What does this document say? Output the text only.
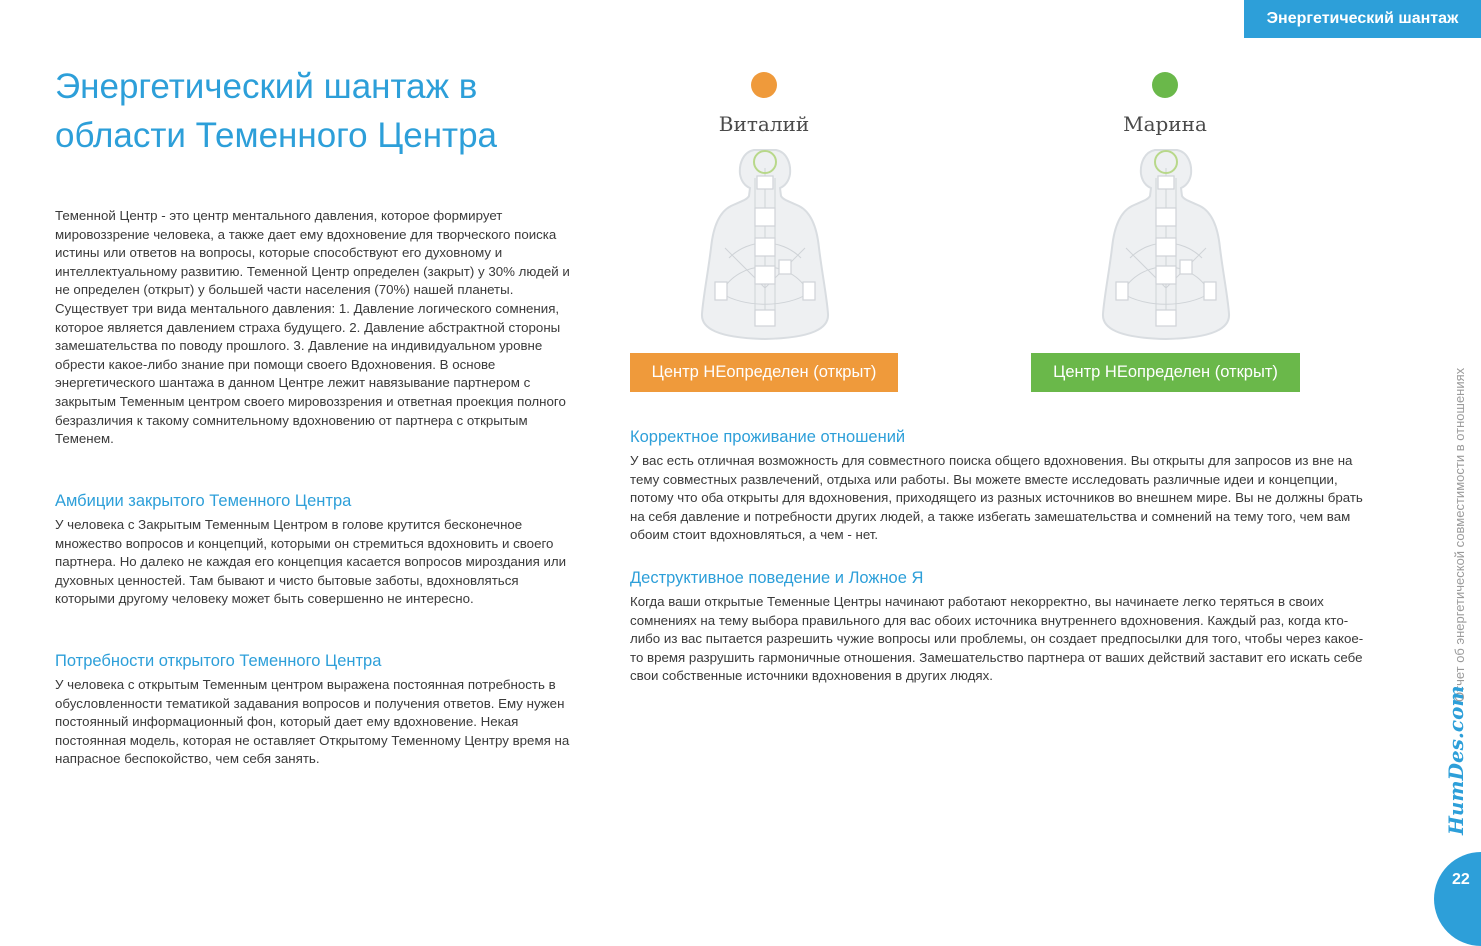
Энергетический шантаж
Энергетический шантаж в области Теменного Центра

Теменной Центр - это центр ментального давления, которое формирует мировоззрение человека, а также дает ему вдохновение для творческого поиска истины или ответов на вопросы, которые способствуют его духовному и интеллектуальному развитию. Теменной Центр определен (закрыт) у 30% людей и не определен (открыт) у большей части населения (70%) нашей планеты. Существует три вида ментального давления: 1. Давление логического сомнения, которое является давлением страха будущего. 2. Давление абстрактной стороны замешательства по поводу прошлого. 3. Давление на индивидуальном уровне обрести какое-либо знание при помощи своего Вдохновения. В основе энергетического шантажа в данном Центре лежит навязывание партнером с закрытым Теменным центром своего мировоззрения и ответная проекция полного безразличия к такому сомнительному вдохновению от партнера с открытым Теменем.

Амбиции закрытого Теменного Центра

У человека с Закрытым Теменным Центром в голове крутится бесконечное множество вопросов и концепций, которыми он стремиться вдохновить и своего партнера. Но далеко не каждая его концепция касается вопросов мироздания или духовных ценностей. Там бывают и чисто бытовые заботы, вдохновляться которыми другому человеку может быть совершенно не интересно.

Потребности открытого Теменного Центра

У человека с открытым Теменным центром выражена постоянная потребность в обусловленности тематикой задавания вопросов и получения ответов. Ему нужен постоянный информационный фон, который дает ему вдохновение. Некая постоянная модель, которая не оставляет Открытому Теменному Центру время на напрасное беспокойство, чем себя занять.

Виталий
Центр НЕопределен (открыт)
Марина
Центр НЕопределен (открыт)
Корректное проживание отношений

У вас есть отличная возможность для совместного поиска общего вдохновения. Вы открыты для запросов из вне на тему совместных развлечений, отдыха или работы. Вы можете вместе исследовать различные идеи и концепции, потому что оба открыты для вдохновения, приходящего из разных источников во внешнем мире. Вы не должны брать на себя давление и потребности других людей, а также избегать замешательства и сомнений на тему того, чем вам обоим стоит вдохновляться, а чем - нет.

Деструктивное поведение и Ложное Я

Когда ваши открытые Теменные Центры начинают работают некорректно, вы начинаете легко теряться в своих сомнениях на тему выбора правильного для вас обоих источника внутреннего вдохновения. Каждый раз, когда кто-либо из вас пытается разрешить чужие вопросы или проблемы, он создает предпосылки для того, чтобы через какое-то время разрушить гармоничные отношения. Замешательство партнера от ваших действий заставит его искать себе свои собственные источники вдохновения в других людях.	Отчет об энергетической совместимости в отношениях
HumDes.com
22
